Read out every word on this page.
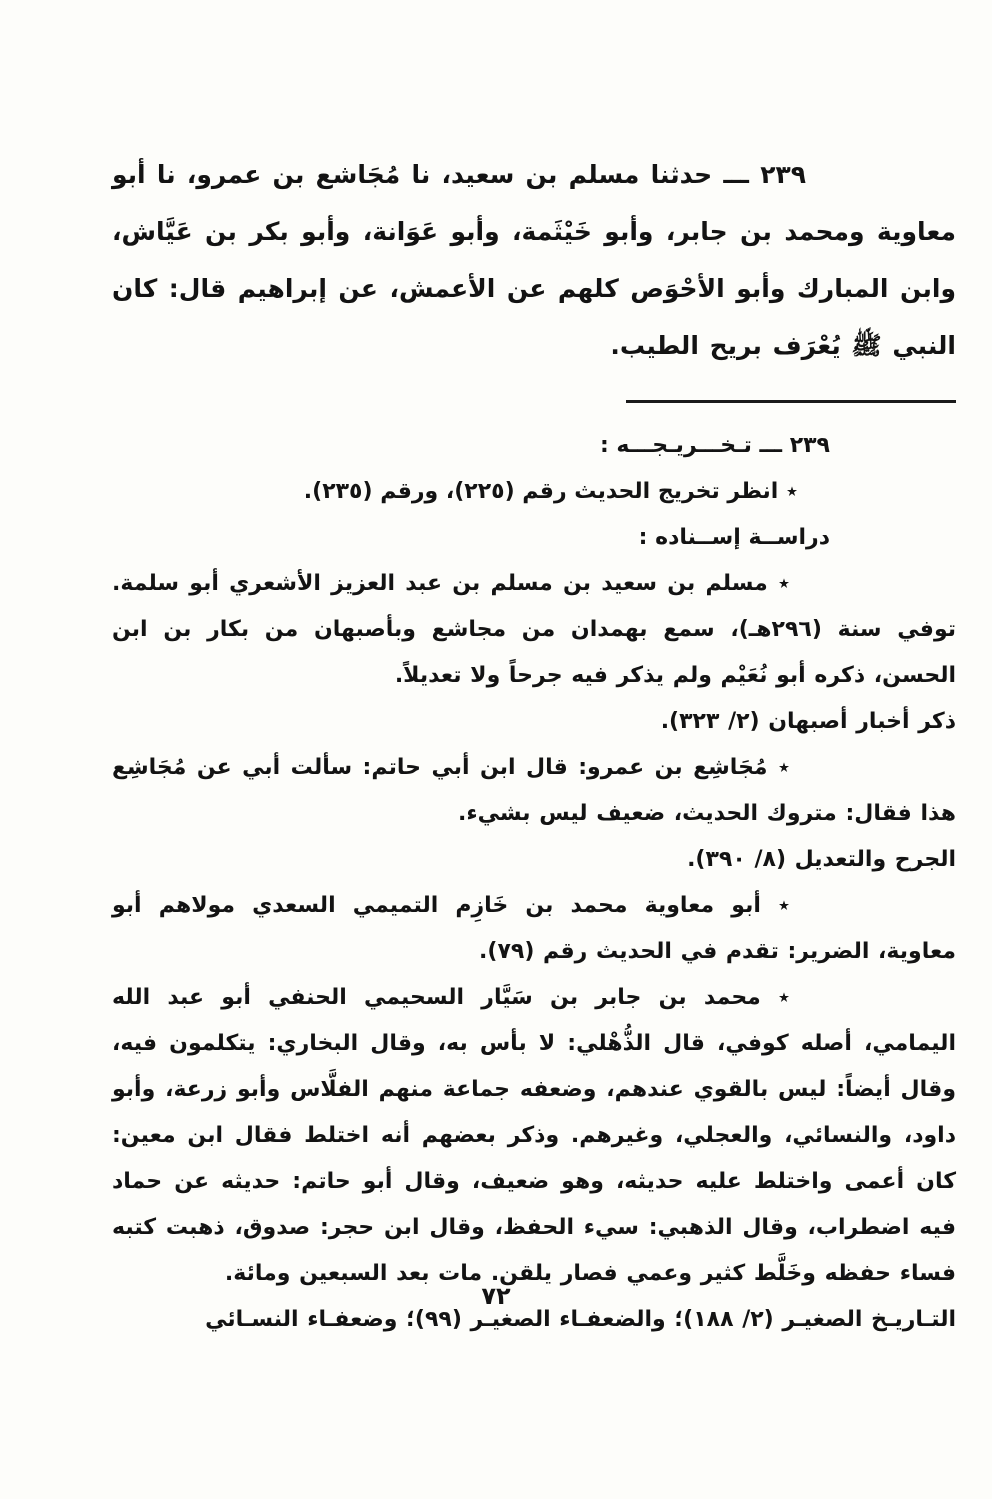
٢٣٩ ـــ حدثنا مسلم بن سعيد، نا مُجَاشع بن عمرو، نا أبو معاوية ومحمد بن جابر، وأبو خَيْثَمة، وأبو عَوَانة، وأبو بكر بن عَيَّاش، وابن المبارك وأبو الأحْوَص كلهم عن الأعمش، عن إبراهيم قال: كان النبي ﷺ يُعْرَف بريح الطيب.

٢٣٩ ـــ تـخـــريـجـــه :

٭ انظر تخريج الحديث رقم (٢٢٥)، ورقم (٢٣٥).

دراســة إســناده :

٭ مسلم بن سعيد بن مسلم بن عبد العزيز الأشعري أبو سلمة. توفي سنة (٢٩٦هـ)، سمع بهمدان من مجاشع وبأصبهان من بكار بن ابن الحسن، ذكره أبو نُعَيْم ولم يذكر فيه جرحاً ولا تعديلاً.

ذكر أخبار أصبهان (٢/ ٣٢٣).

٭ مُجَاشِع بن عمرو: قال ابن أبي حاتم: سألت أبي عن مُجَاشِع هذا فقال: متروك الحديث، ضعيف ليس بشيء.

الجرح والتعديل (٨/ ٣٩٠).

٭ أبو معاوية محمد بن خَازِم التميمي السعدي مولاهم أبو معاوية، الضرير: تقدم في الحديث رقم (٧٩).

٭ محمد بن جابر بن سَيَّار السحيمي الحنفي أبو عبد الله اليمامي، أصله كوفي، قال الذُّهْلي: لا بأس به، وقال البخاري: يتكلمون فيه، وقال أيضاً: ليس بالقوي عندهم، وضعفه جماعة منهم الفلَّاس وأبو زرعة، وأبو داود، والنسائي، والعجلي، وغيرهم. وذكر بعضهم أنه اختلط فقال ابن معين: كان أعمى واختلط عليه حديثه، وهو ضعيف، وقال أبو حاتم: حديثه عن حماد فيه اضطراب، وقال الذهبي: سيء الحفظ، وقال ابن حجر: صدوق، ذهبت كتبه فساء حفظه وخَلَّط كثير وعمي فصار يلقن. مات بعد السبعين ومائة.

التـاريـخ الصغيـر (٢/ ١٨٨)؛ والضعفـاء الصغيـر (٩٩)؛ وضعفـاء النسـائي

٧٢
